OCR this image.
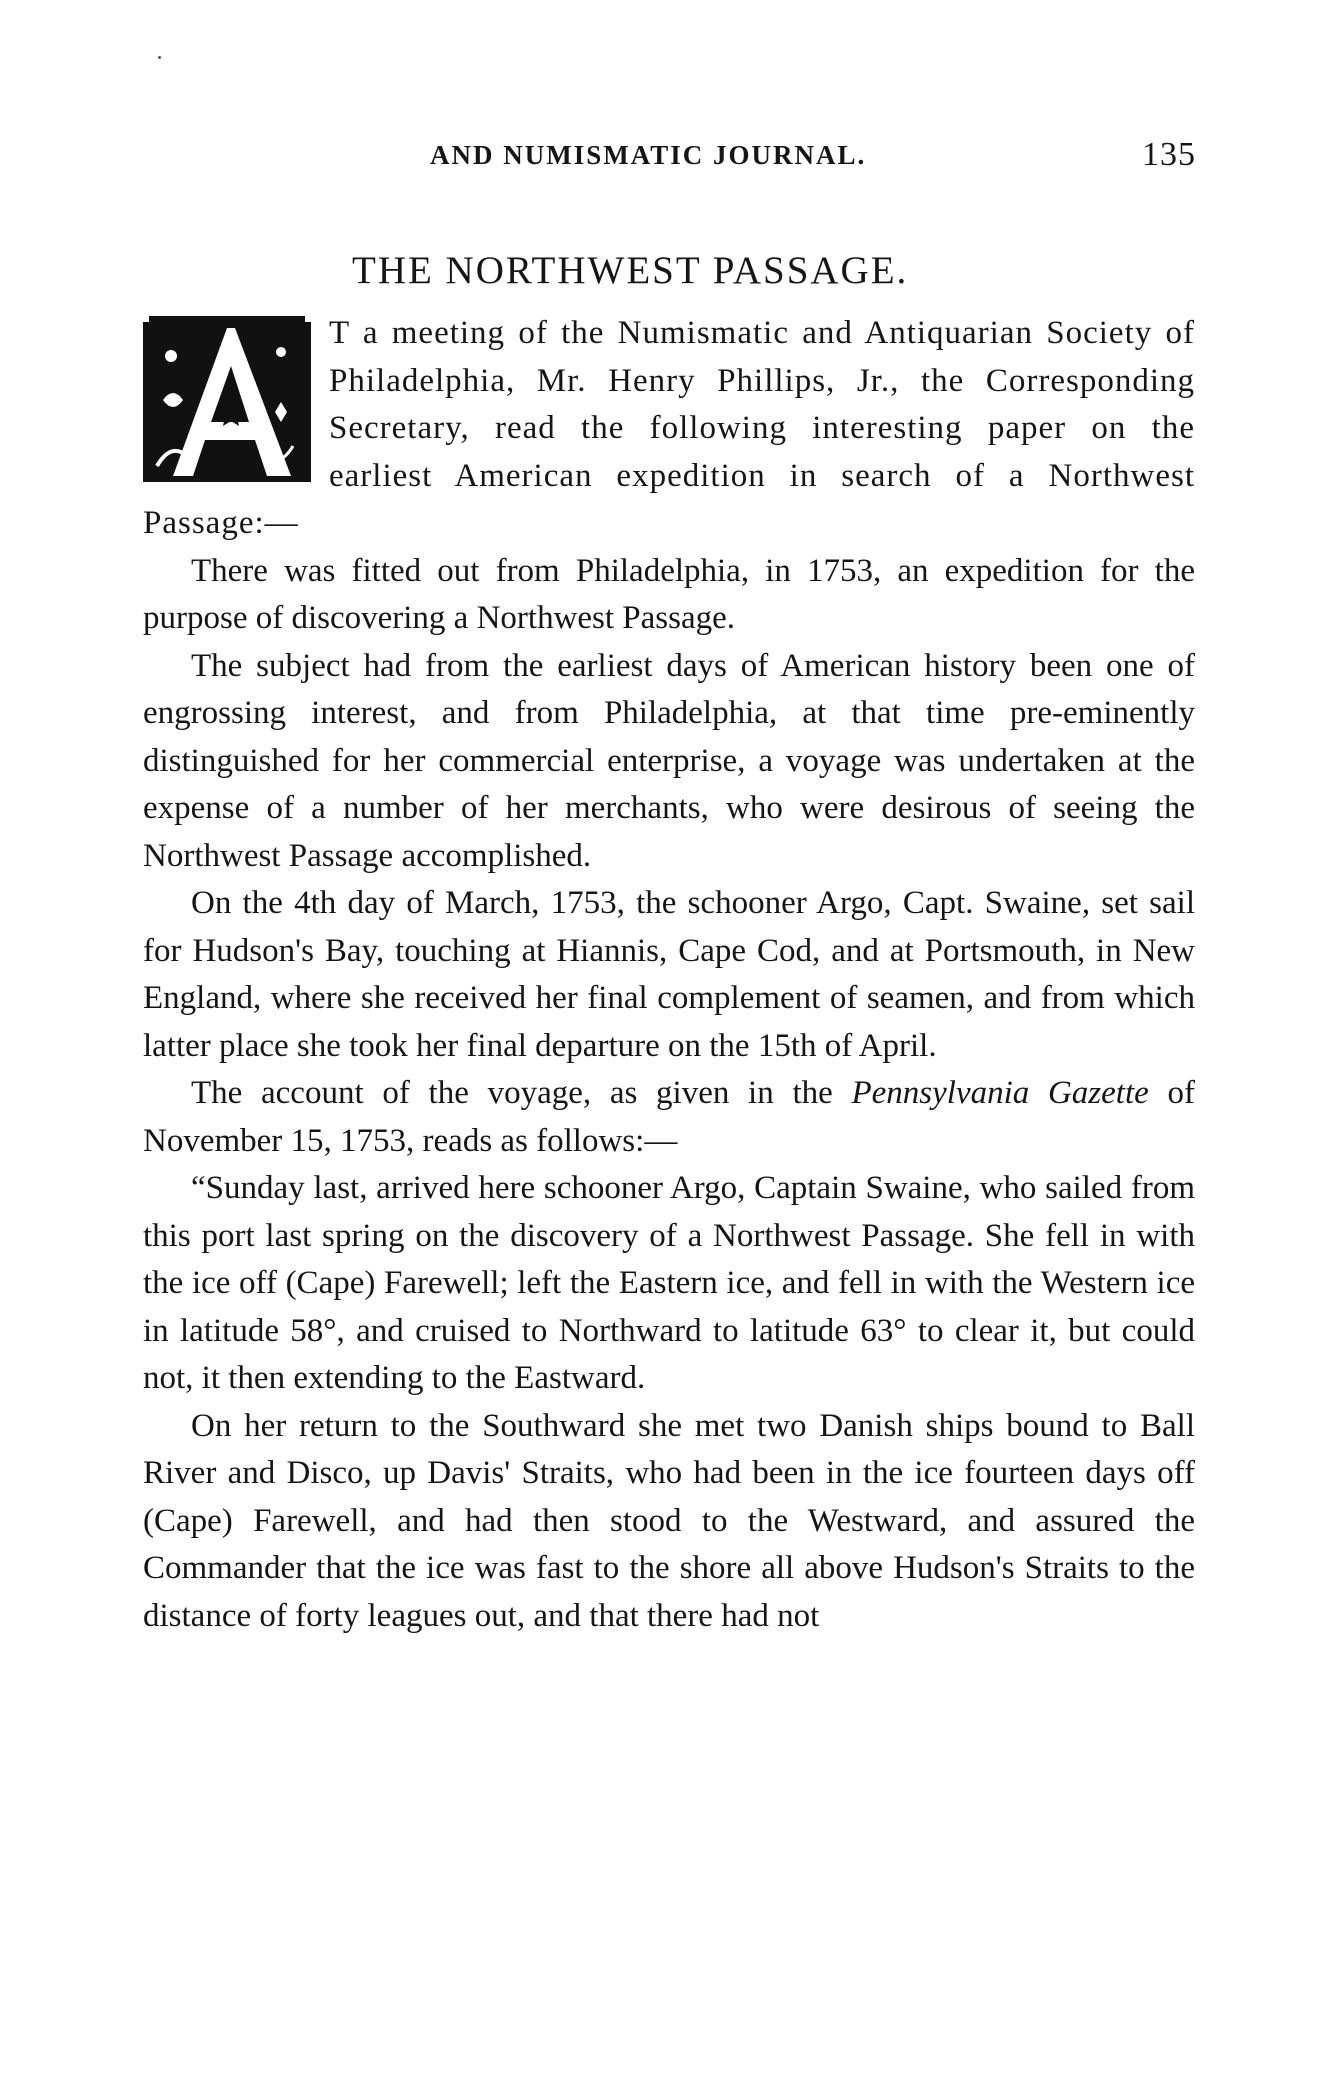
AND NUMISMATIC JOURNAL.	135
THE NORTHWEST PASSAGE.

T a meeting of the Numismatic and Antiquarian Society of Philadelphia, Mr. Henry Phillips, Jr., the Corresponding Secretary, read the following interesting paper on the earliest American expedition in search of a Northwest Passage:—

There was fitted out from Philadelphia, in 1753, an expedition for the purpose of discovering a Northwest Passage.

The subject had from the earliest days of American history been one of engrossing interest, and from Philadelphia, at that time pre-eminently distinguished for her commercial enterprise, a voyage was undertaken at the expense of a number of her merchants, who were desirous of seeing the Northwest Passage accomplished.

On the 4th day of March, 1753, the schooner Argo, Capt. Swaine, set sail for Hudson's Bay, touching at Hiannis, Cape Cod, and at Portsmouth, in New England, where she received her final complement of seamen, and from which latter place she took her final departure on the 15th of April.

The account of the voyage, as given in the Pennsylvania Gazette of November 15, 1753, reads as follows:—

“Sunday last, arrived here schooner Argo, Captain Swaine, who sailed from this port last spring on the discovery of a Northwest Passage. She fell in with the ice off (Cape) Farewell; left the Eastern ice, and fell in with the Western ice in latitude 58°, and cruised to Northward to latitude 63° to clear it, but could not, it then extending to the Eastward.

On her return to the Southward she met two Danish ships bound to Ball River and Disco, up Davis' Straits, who had been in the ice fourteen days off (Cape) Farewell, and had then stood to the Westward, and assured the Commander that the ice was fast to the shore all above Hudson's Straits to the distance of forty leagues out, and that there had not
